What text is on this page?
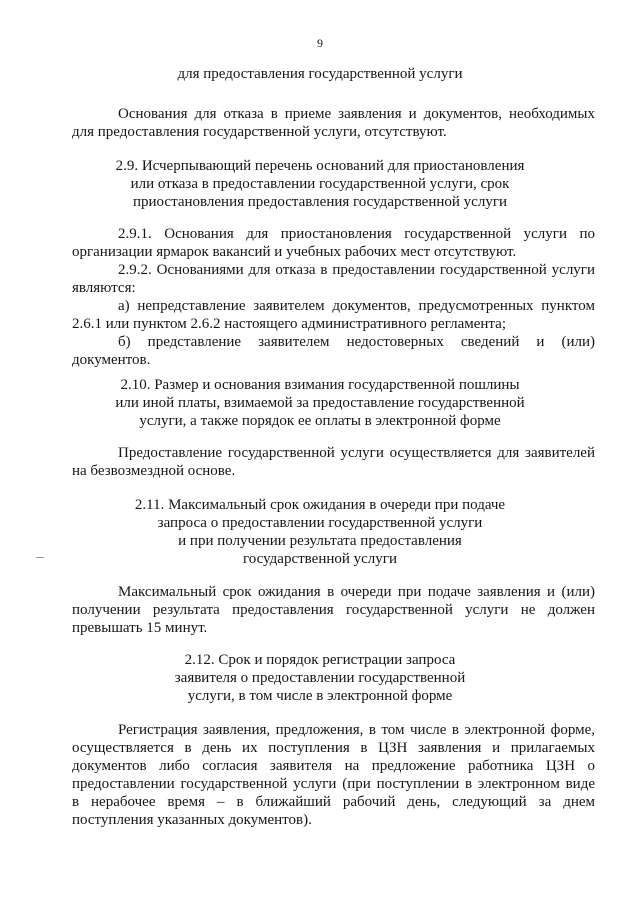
9
для предоставления государственной услуги
Основания для отказа в приеме заявления и документов, необходимых
для предоставления государственной услуги, отсутствуют.
2.9. Исчерпывающий перечень оснований для приостановления
или отказа в предоставлении государственной услуги, срок
приостановления предоставления государственной услуги
2.9.1. Основания для приостановления государственной услуги по
организации ярмарок вакансий и учебных рабочих мест отсутствуют.
2.9.2. Основаниями для отказа в предоставлении государственной услуги
являются:
а) непредставление заявителем документов, предусмотренных пунктом
2.6.1 или пунктом 2.6.2 настоящего административного регламента;
б) представление заявителем недостоверных сведений и (или)
документов.
2.10. Размер и основания взимания государственной пошлины
или иной платы, взимаемой за предоставление государственной
услуги, а также порядок ее оплаты в электронной форме
Предоставление государственной услуги осуществляется для заявителей
на безвозмездной основе.
2.11. Максимальный срок ожидания в очереди при подаче
запроса о предоставлении государственной услуги
и при получении результата предоставления
государственной услуги
Максимальный срок ожидания в очереди при подаче заявления и (или)
получении результата предоставления государственной услуги не должен
превышать 15 минут.
2.12. Срок и порядок регистрации запроса
заявителя о предоставлении государственной
услуги, в том числе в электронной форме
Регистрация заявления, предложения, в том числе в электронной форме,
осуществляется в день их поступления в ЦЗН заявления и прилагаемых
документов либо согласия заявителя на предложение работника ЦЗН о
предоставлении государственной услуги (при поступлении в электронном виде
в нерабочее время – в ближайший рабочий день, следующий за днем
поступления указанных документов).
